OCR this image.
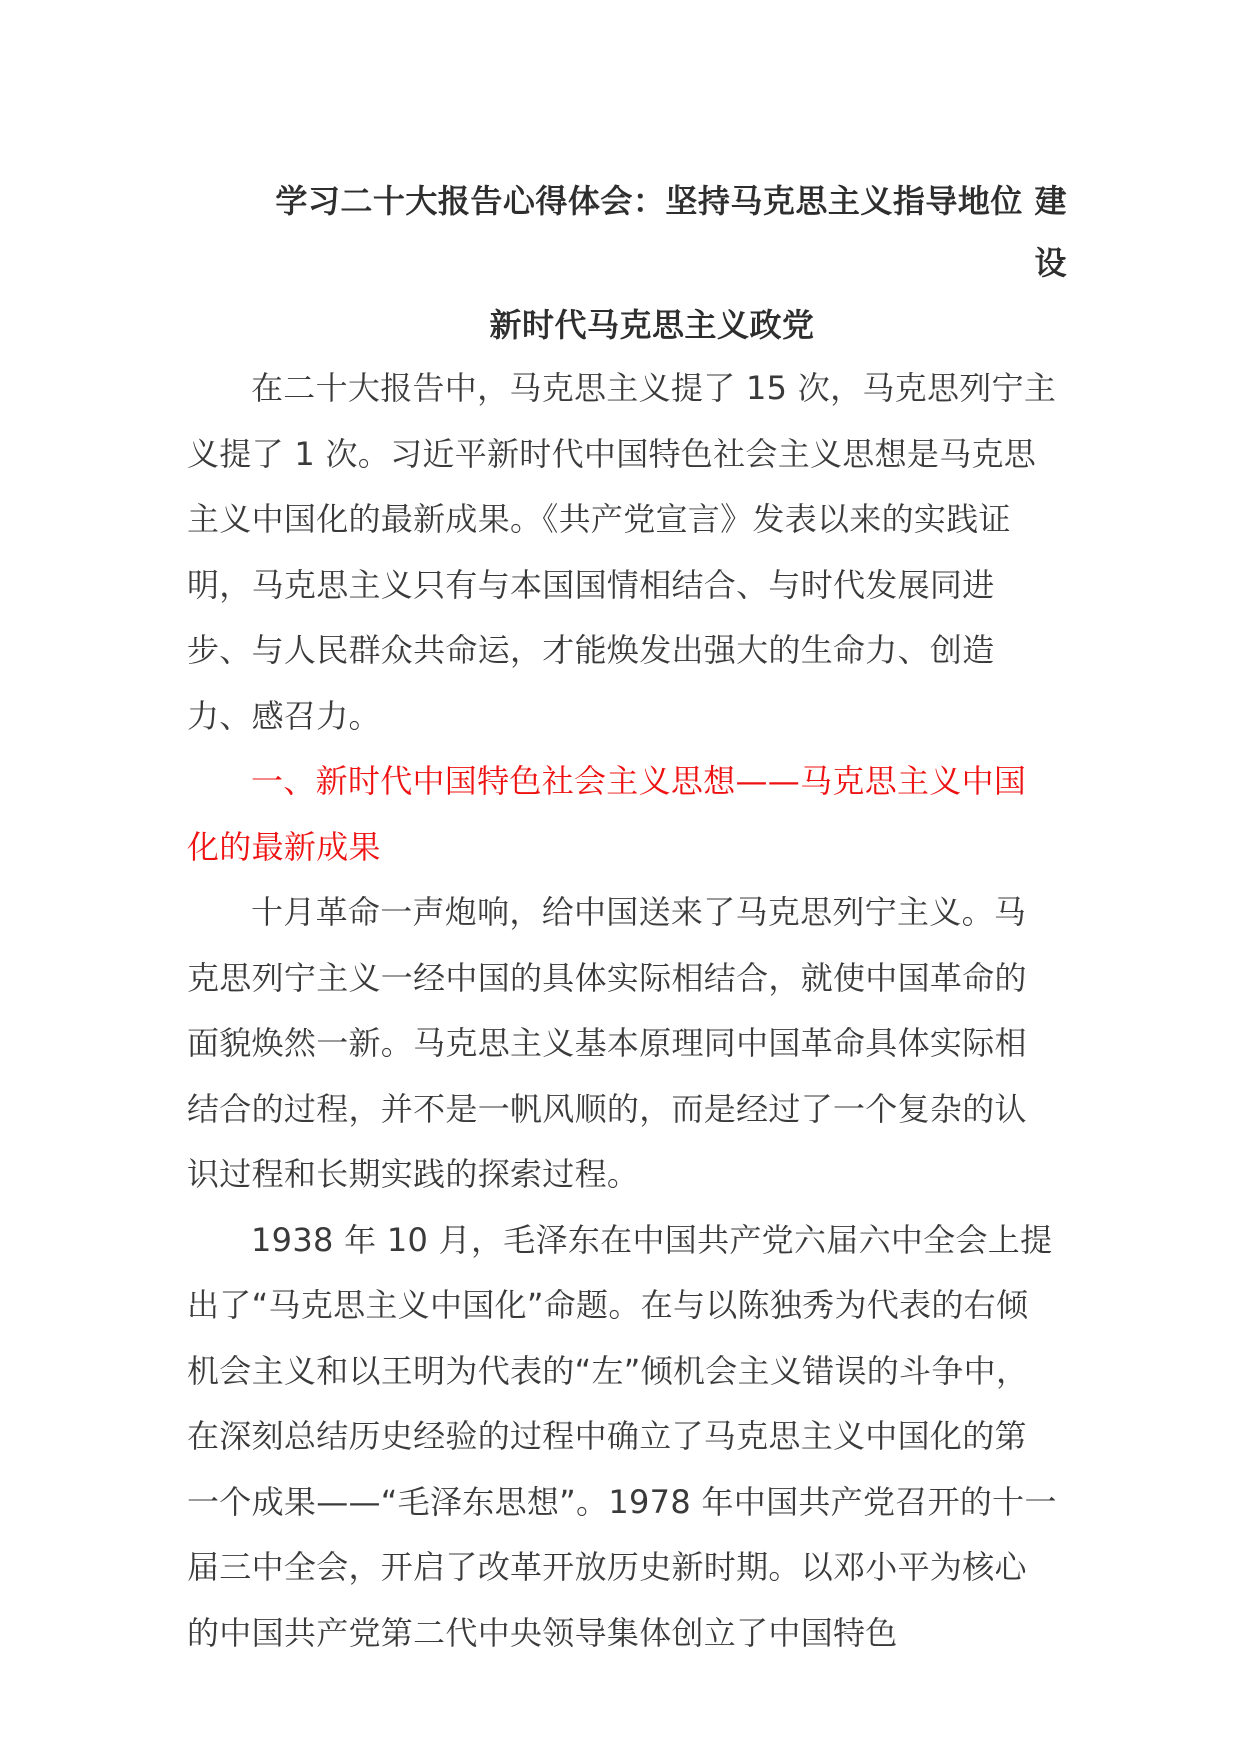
学习二十大报告心得体会：坚持马克思主义指导地位 建设
新时代马克思主义政党

在二十大报告中，马克思主义提了 15 次，马克思列宁主义提了 1 次。习近平新时代中国特色社会主义思想是马克思主义中国化的最新成果。《共产党宣言》发表以来的实践证明，马克思主义只有与本国国情相结合、与时代发展同进步、与人民群众共命运，才能焕发出强大的生命力、创造力、感召力。

一、新时代中国特色社会主义思想——马克思主义中国化的最新成果

十月革命一声炮响，给中国送来了马克思列宁主义。马克思列宁主义一经中国的具体实际相结合，就使中国革命的面貌焕然一新。马克思主义基本原理同中国革命具体实际相结合的过程，并不是一帆风顺的，而是经过了一个复杂的认识过程和长期实践的探索过程。

1938 年 10 月，毛泽东在中国共产党六届六中全会上提出了“马克思主义中国化”命题。在与以陈独秀为代表的右倾机会主义和以王明为代表的“左”倾机会主义错误的斗争中，在深刻总结历史经验的过程中确立了马克思主义中国化的第一个成果——“毛泽东思想”。1978 年中国共产党召开的十一届三中全会，开启了改革开放历史新时期。以邓小平为核心的中国共产党第二代中央领导集体创立了中国特色
